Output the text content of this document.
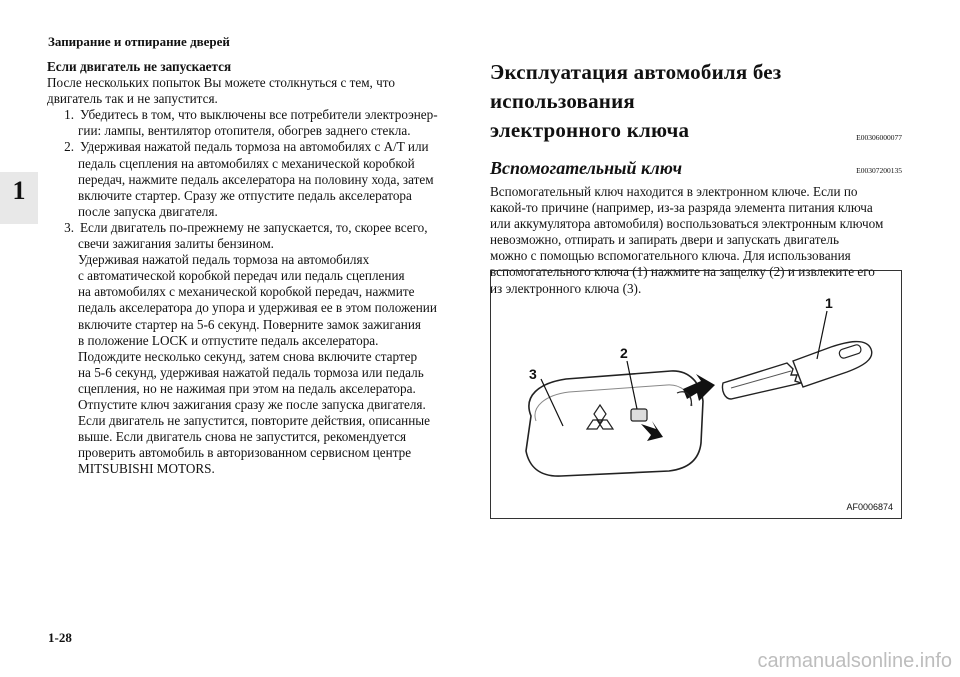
Запирание и отпирание дверей
1
Если двигатель не запускается
После нескольких попыток Вы можете столкнуться с тем, что
двигатель так и не запустится.
1. Убедитесь в том, что выключены все потребители электроэнер-
гии: лампы, вентилятор отопителя, обогрев заднего стекла.
2. Удерживая нажатой педаль тормоза на автомобилях с A/T или
педаль сцепления на автомобилях с механической коробкой
передач, нажмите педаль акселератора на половину хода, затем
включите стартер. Сразу же отпустите педаль акселератора
после запуска двигателя.
3. Если двигатель по-прежнему не запускается, то, скорее всего,
свечи зажигания залиты бензином.
Удерживая нажатой педаль тормоза на автомобилях
с автоматической коробкой передач или педаль сцепления
на автомобилях с механической коробкой передач, нажмите
педаль акселератора до упора и удерживая ее в этом положении
включите стартер на 5-6 секунд. Поверните замок зажигания
в положение LOCK и отпустите педаль акселератора.
Подождите несколько секунд, затем снова включите стартер
на 5-6 секунд, удерживая нажатой педаль тормоза или педаль
сцепления, но не нажимая при этом на педаль акселератора.
Отпустите ключ зажигания сразу же после запуска двигателя.
Если двигатель не запустится, повторите действия, описанные
выше. Если двигатель снова не запустится, рекомендуется
проверить автомобиль в авторизованном сервисном центре
MITSUBISHI MOTORS.
Эксплуатация автомобиля без использования
электронного ключа	E00306000077
Вспомогательный ключ	E00307200135
Вспомогательный ключ находится в электронном ключе. Если по
какой-то причине (например, из-за разряда элемента питания ключа
или аккумулятора автомобиля) воспользоваться электронным ключом
невозможно, отпирать и запирать двери и запускать двигатель
можно с помощью вспомогательного ключа. Для использования
вспомогательного ключа (1) нажмите на защелку (2) и извлеките его
из электронного ключа (3).
1
2
3
AF0006874
1-28
carmanualsonline.info
